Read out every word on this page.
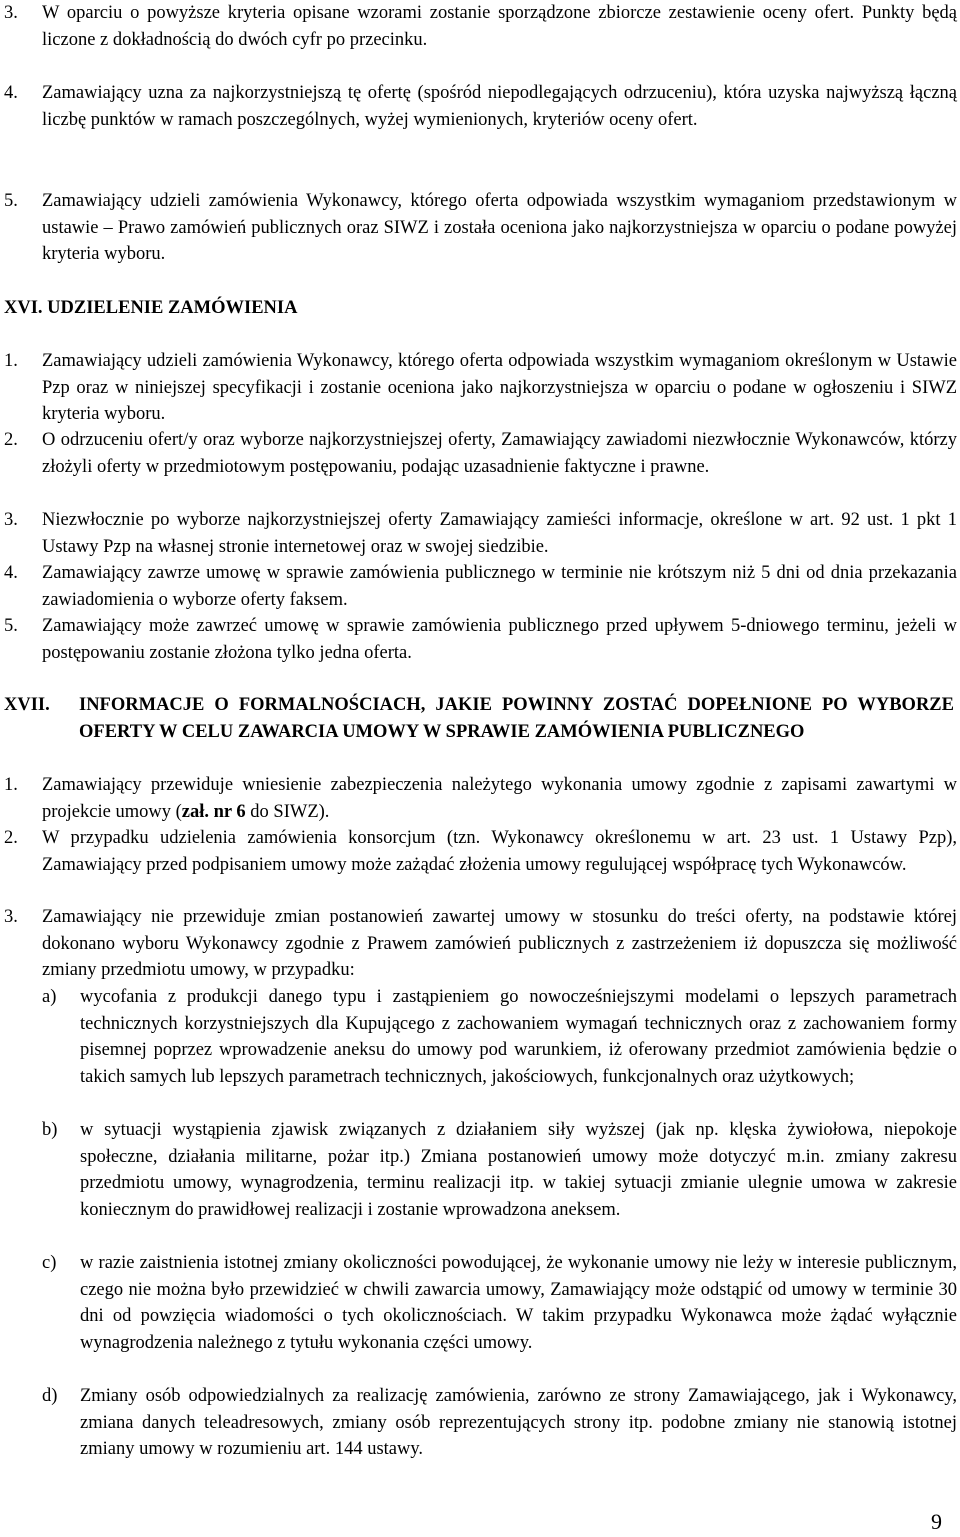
3. W oparciu o powyższe kryteria opisane wzorami zostanie sporządzone zbiorcze zestawienie oceny ofert. Punkty będą liczone z dokładnością do dwóch cyfr po przecinku.
4. Zamawiający uzna za najkorzystniejszą tę ofertę (spośród niepodlegających odrzuceniu), która uzyska najwyższą łączną liczbę punktów w ramach poszczególnych, wyżej wymienionych, kryteriów oceny ofert.
5. Zamawiający udzieli zamówienia Wykonawcy, którego oferta odpowiada wszystkim wymaganiom przedstawionym w ustawie – Prawo zamówień publicznych oraz SIWZ i została oceniona jako najkorzystniejsza w oparciu o podane powyżej kryteria wyboru.
XVI. UDZIELENIE ZAMÓWIENIA
1. Zamawiający udzieli zamówienia Wykonawcy, którego oferta odpowiada wszystkim wymaganiom określonym w Ustawie Pzp oraz w niniejszej specyfikacji i zostanie oceniona jako najkorzystniejsza w oparciu o podane w ogłoszeniu i SIWZ kryteria wyboru.
2. O odrzuceniu ofert/y oraz wyborze najkorzystniejszej oferty, Zamawiający zawiadomi niezwłocznie Wykonawców, którzy złożyli oferty w przedmiotowym postępowaniu, podając uzasadnienie faktyczne i prawne.
3. Niezwłocznie po wyborze najkorzystniejszej oferty Zamawiający zamieści informacje, określone w art. 92 ust. 1 pkt 1 Ustawy Pzp na własnej stronie internetowej oraz w swojej siedzibie.
4. Zamawiający zawrze umowę w sprawie zamówienia publicznego w terminie nie krótszym niż 5 dni od dnia przekazania zawiadomienia o wyborze oferty faksem.
5. Zamawiający może zawrzeć umowę w sprawie zamówienia publicznego przed upływem 5-dniowego terminu, jeżeli w postępowaniu zostanie złożona tylko jedna oferta.
XVII. INFORMACJE O FORMALNOŚCIACH, JAKIE POWINNY ZOSTAĆ DOPEŁNIONE PO WYBORZE OFERTY W CELU ZAWARCIA UMOWY W SPRAWIE ZAMÓWIENIA PUBLICZNEGO
1. Zamawiający przewiduje wniesienie zabezpieczenia należytego wykonania umowy zgodnie z zapisami zawartymi w projekcie umowy (zał. nr 6 do SIWZ).
2. W przypadku udzielenia zamówienia konsorcjum (tzn. Wykonawcy określonemu w art. 23 ust. 1 Ustawy Pzp), Zamawiający przed podpisaniem umowy może zażądać złożenia umowy regulującej współpracę tych Wykonawców.
3. Zamawiający nie przewiduje zmian postanowień zawartej umowy w stosunku do treści oferty, na podstawie której dokonano wyboru Wykonawcy zgodnie z Prawem zamówień publicznych z zastrzeżeniem iż dopuszcza się możliwość zmiany przedmiotu umowy, w przypadku:
a) wycofania z produkcji danego typu i zastąpieniem go nowocześniejszymi modelami o lepszych parametrach technicznych korzystniejszych dla Kupującego z zachowaniem wymagań technicznych oraz z zachowaniem formy pisemnej poprzez wprowadzenie aneksu do umowy pod warunkiem, iż oferowany przedmiot zamówienia będzie o takich samych lub lepszych parametrach technicznych, jakościowych, funkcjonalnych oraz użytkowych;
b) w sytuacji wystąpienia zjawisk związanych z działaniem siły wyższej (jak np. klęska żywiołowa, niepokoje społeczne, działania militarne, pożar itp.) Zmiana postanowień umowy może dotyczyć m.in. zmiany zakresu przedmiotu umowy, wynagrodzenia, terminu realizacji itp. w takiej sytuacji zmianie ulegnie umowa w zakresie koniecznym do prawidłowej realizacji i zostanie wprowadzona aneksem.
c) w razie zaistnienia istotnej zmiany okoliczności powodującej, że wykonanie umowy nie leży w interesie publicznym, czego nie można było przewidzieć w chwili zawarcia umowy, Zamawiający może odstąpić od umowy w terminie 30 dni od powzięcia wiadomości o tych okolicznościach. W takim przypadku Wykonawca może żądać wyłącznie wynagrodzenia należnego z tytułu wykonania części umowy.
d) Zmiany osób odpowiedzialnych za realizację zamówienia, zarówno ze strony Zamawiającego, jak i Wykonawcy, zmiana danych teleadresowych, zmiany osób reprezentujących strony itp. podobne zmiany nie stanowią istotnej zmiany umowy w rozumieniu art. 144 ustawy.
9
